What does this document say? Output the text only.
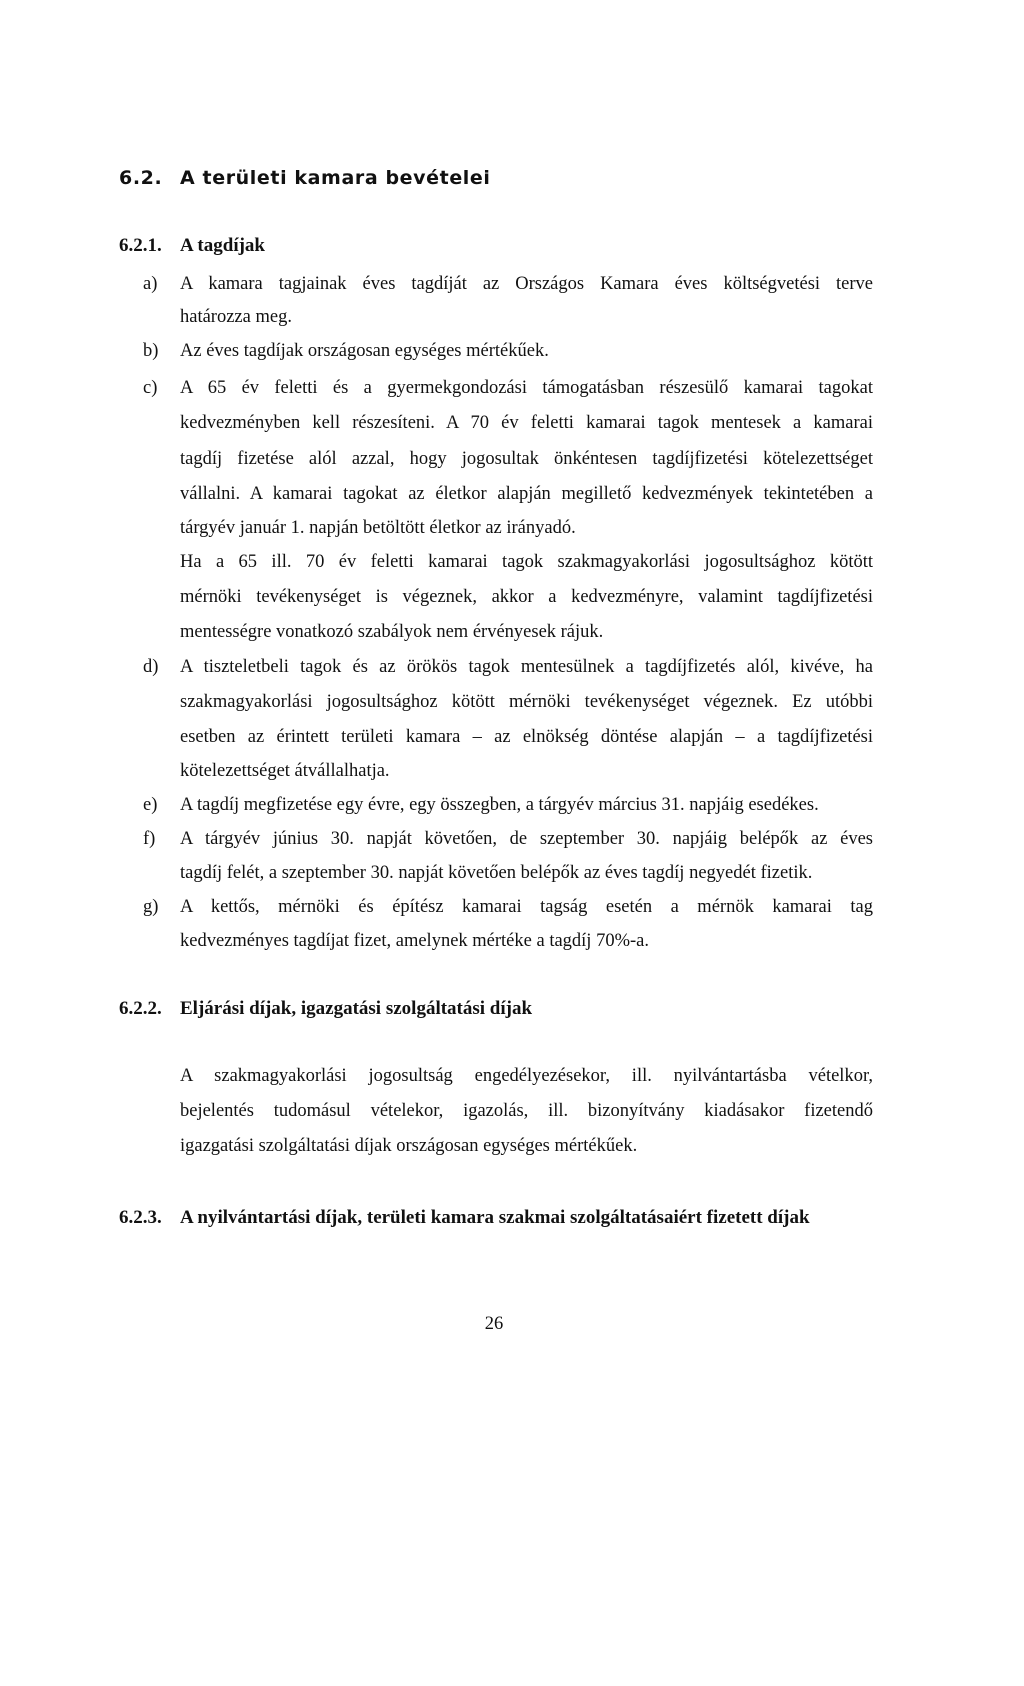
6.2. A területi kamara bevételei
6.2.1. A tagdíjak
a) A kamara tagjainak éves tagdíját az Országos Kamara éves költségvetési terve
határozza meg.
b) Az éves tagdíjak országosan egységes mértékűek.
c) A 65 év feletti és a gyermekgondozási támogatásban részesülő kamarai tagokat
kedvezményben kell részesíteni. A 70 év feletti kamarai tagok mentesek a kamarai
tagdíj fizetése alól azzal, hogy jogosultak önkéntesen tagdíjfizetési kötelezettséget
vállalni. A kamarai tagokat az életkor alapján megillető kedvezmények tekintetében a
tárgyév január 1. napján betöltött életkor az irányadó.
Ha a 65 ill. 70 év feletti kamarai tagok szakmagyakorlási jogosultsághoz kötött
mérnöki tevékenységet is végeznek, akkor a kedvezményre, valamint tagdíjfizetési
mentességre vonatkozó szabályok nem érvényesek rájuk.
d) A tiszteletbeli tagok és az örökös tagok mentesülnek a tagdíjfizetés alól, kivéve, ha
szakmagyakorlási jogosultsághoz kötött mérnöki tevékenységet végeznek. Ez utóbbi
esetben az érintett területi kamara – az elnökség döntése alapján – a tagdíjfizetési
kötelezettséget átvállalhatja.
e) A tagdíj megfizetése egy évre, egy összegben, a tárgyév március 31. napjáig esedékes.
f) A tárgyév június 30. napját követően, de szeptember 30. napjáig belépők az éves
tagdíj felét, a szeptember 30. napját követően belépők az éves tagdíj negyedét fizetik.
g) A kettős, mérnöki és építész kamarai tagság esetén a mérnök kamarai tag
kedvezményes tagdíjat fizet, amelynek mértéke a tagdíj 70%-a.
6.2.2. Eljárási díjak, igazgatási szolgáltatási díjak
A szakmagyakorlási jogosultság engedélyezésekor, ill. nyilvántartásba vételkor,
bejelentés tudomásul vételekor, igazolás, ill. bizonyítvány kiadásakor fizetendő
igazgatási szolgáltatási díjak országosan egységes mértékűek.
6.2.3. A nyilvántartási díjak, területi kamara szakmai szolgáltatásaiért fizetett díjak
26
